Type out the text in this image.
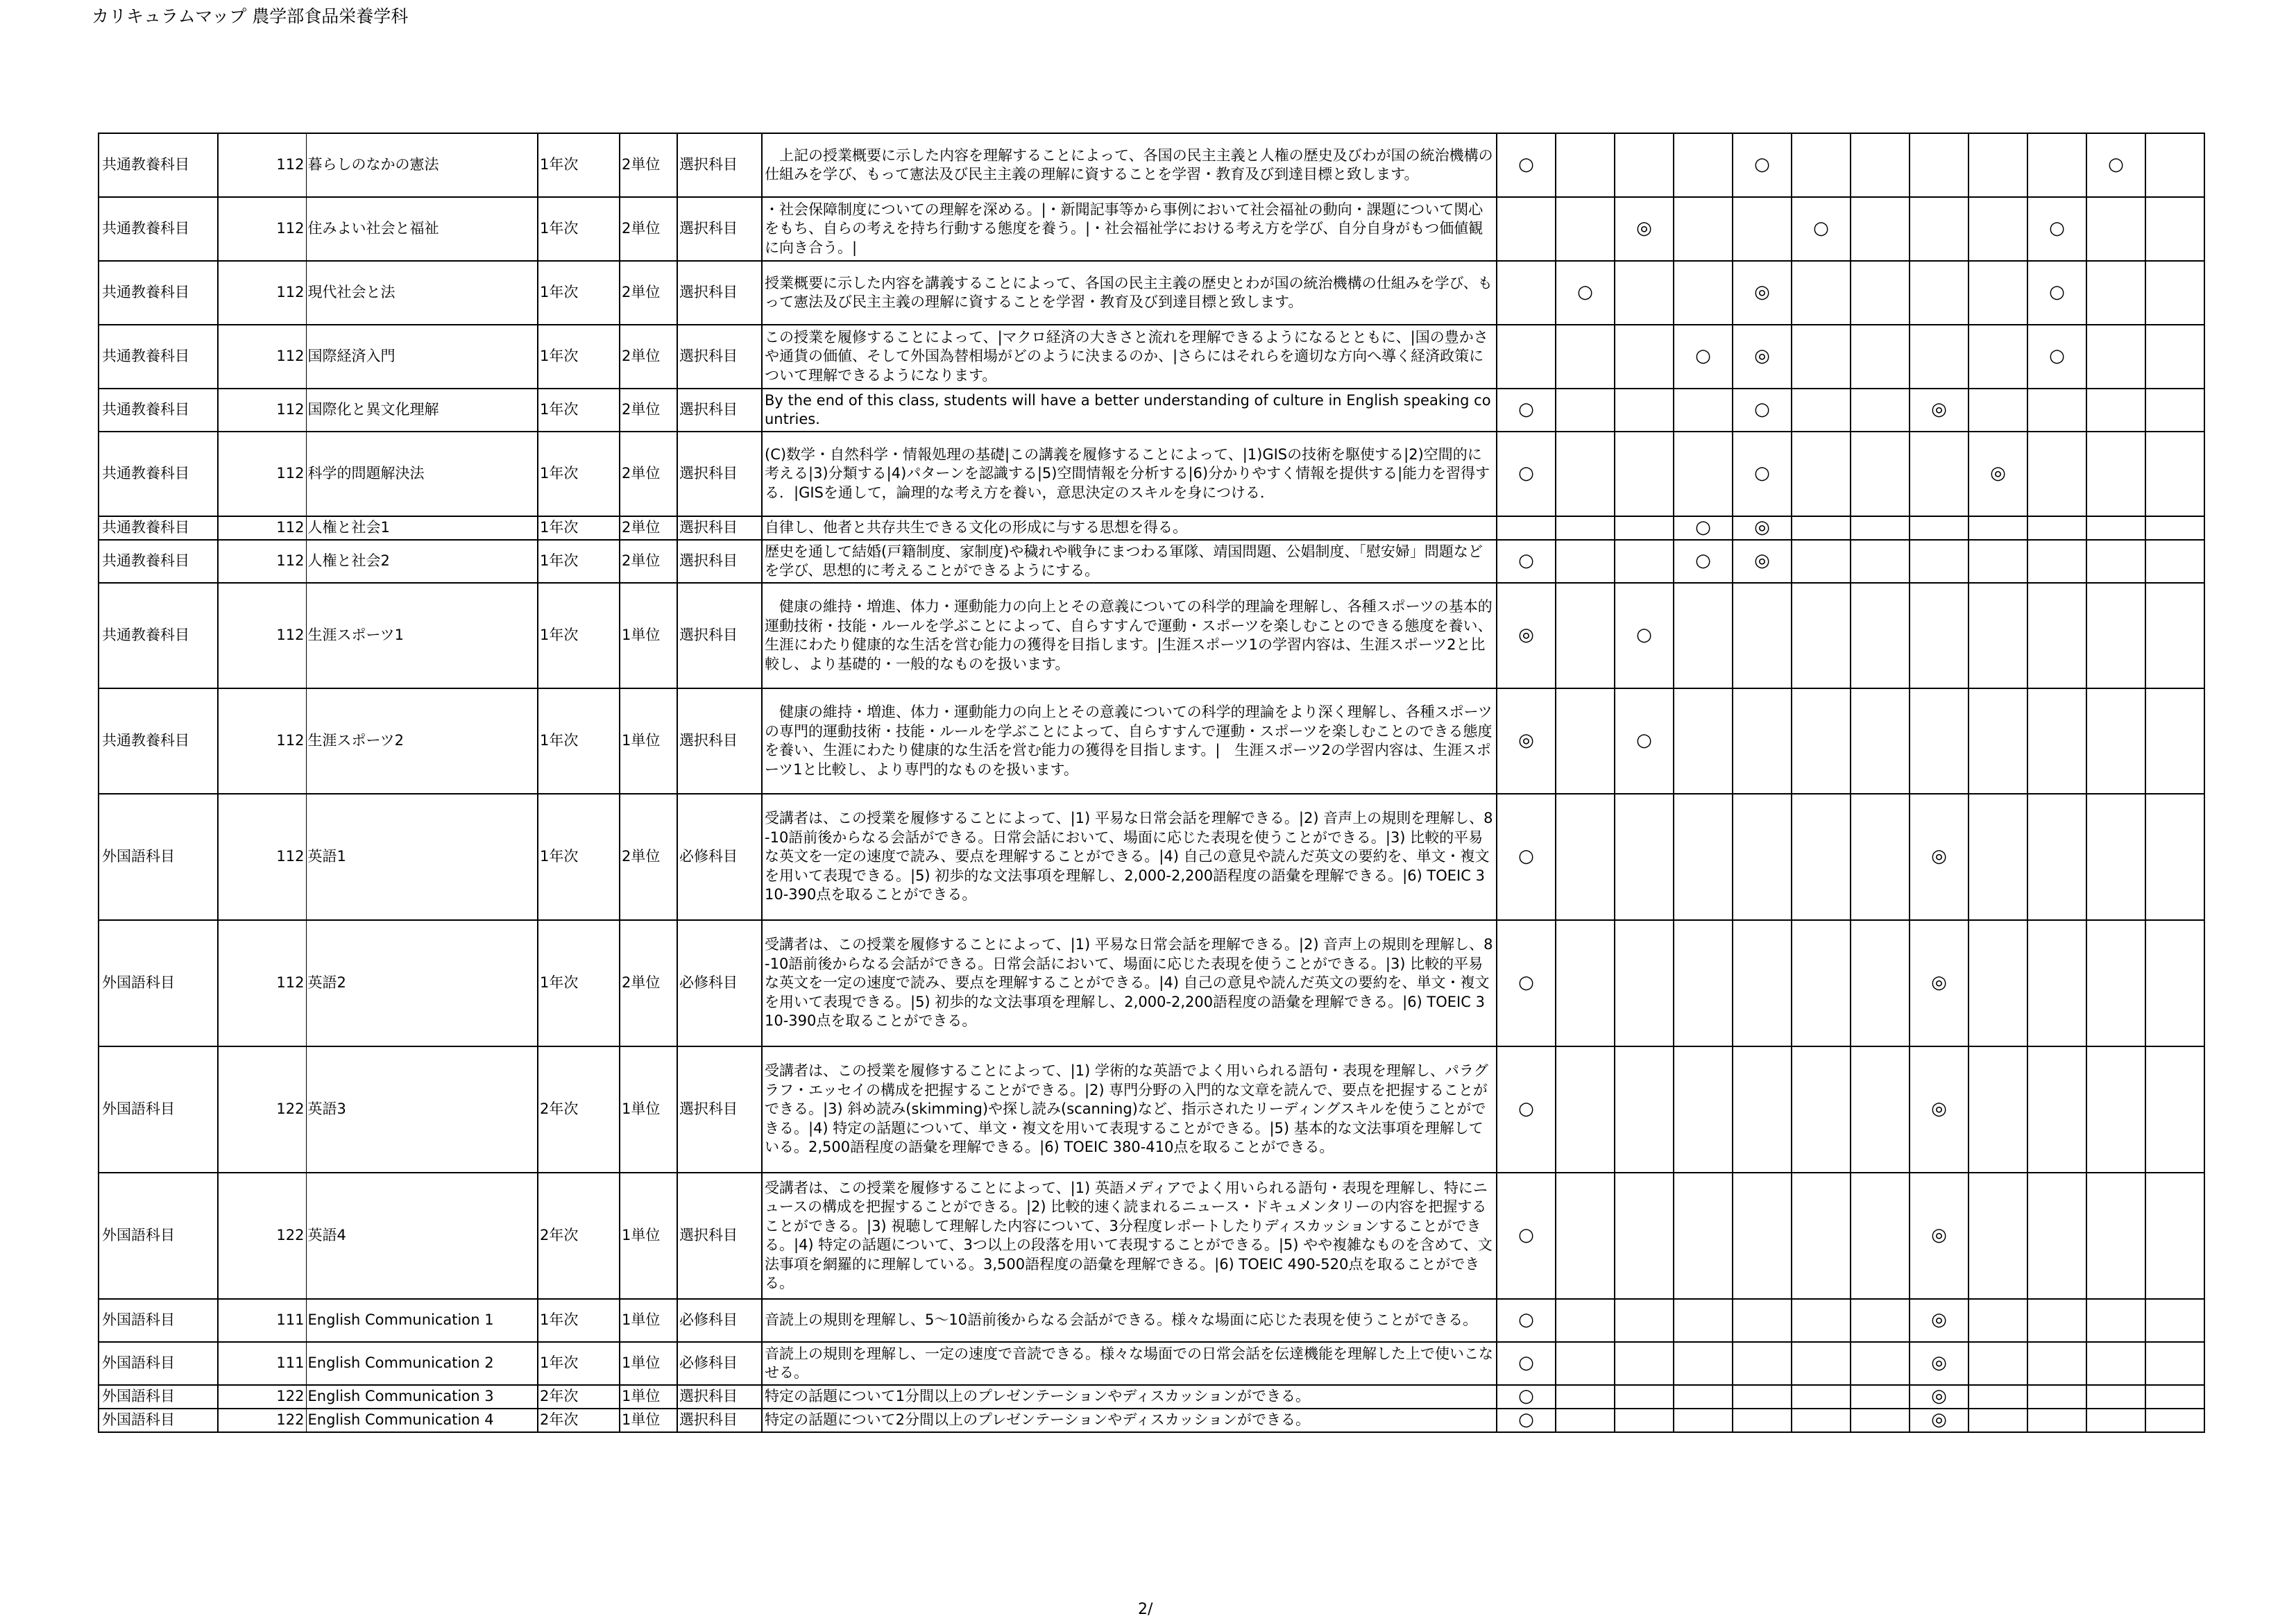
カリキュラムマップ 農学部食品栄養学科
共通教養科目	112	暮らしのなかの憲法	1年次	2単位	選択科目	　上記の授業概要に示した内容を理解することによって、各国の民主主義と人権の歴史及びわが国の統治機構の仕組みを学び、もって憲法及び民主主義の理解に資することを学習・教育及び到達目標と致します。	○				○						○	
共通教養科目	112	住みよい社会と福祉	1年次	2単位	選択科目	・社会保障制度についての理解を深める。|・新聞記事等から事例において社会福祉の動向・課題について関心をもち、自らの考えを持ち行動する態度を養う。|・社会福祉学における考え方を学び、自分自身がもつ価値観に向き合う。|			◎			○				○		
共通教養科目	112	現代社会と法	1年次	2単位	選択科目	授業概要に示した内容を講義することによって、各国の民主主義の歴史とわが国の統治機構の仕組みを学び、もって憲法及び民主主義の理解に資することを学習・教育及び到達目標と致します。		○			◎					○		
共通教養科目	112	国際経済入門	1年次	2単位	選択科目	この授業を履修することによって、|マクロ経済の大きさと流れを理解できるようになるとともに、|国の豊かさや通貨の価値、そして外国為替相場がどのように決まるのか、|さらにはそれらを適切な方向へ導く経済政策について理解できるようになります。				○	◎					○		
共通教養科目	112	国際化と異文化理解	1年次	2単位	選択科目	By the end of this class, students will have a better understanding of culture in English speaking countries.	○				○			◎				
共通教養科目	112	科学的問題解決法	1年次	2単位	選択科目	(C)数学・自然科学・情報処理の基礎|この講義を履修することによって、|1)GISの技術を駆使する|2)空間的に考える|3)分類する|4)パターンを認識する|5)空間情報を分析する|6)分かりやすく情報を提供する|能力を習得する．|GISを通して，論理的な考え方を養い，意思決定のスキルを身につける．	○				○				◎			
共通教養科目	112	人権と社会1	1年次	2単位	選択科目	自律し、他者と共存共生できる文化の形成に与する思想を得る。				○	◎							
共通教養科目	112	人権と社会2	1年次	2単位	選択科目	歴史を通して結婚(戸籍制度、家制度)や穢れや戦争にまつわる軍隊、靖国問題、公娼制度、「慰安婦」問題などを学び、思想的に考えることができるようにする。	○			○	◎							
共通教養科目	112	生涯スポーツ1	1年次	1単位	選択科目	　健康の維持・増進、体力・運動能力の向上とその意義についての科学的理論を理解し、各種スポーツの基本的運動技術・技能・ルールを学ぶことによって、自らすすんで運動・スポーツを楽しむことのできる態度を養い、生涯にわたり健康的な生活を営む能力の獲得を目指します。|生涯スポーツ1の学習内容は、生涯スポーツ2と比較し、より基礎的・一般的なものを扱います。	◎		○									
共通教養科目	112	生涯スポーツ2	1年次	1単位	選択科目	　健康の維持・増進、体力・運動能力の向上とその意義についての科学的理論をより深く理解し、各種スポーツの専門的運動技術・技能・ルールを学ぶことによって、自らすすんで運動・スポーツを楽しむことのできる態度を養い、生涯にわたり健康的な生活を営む能力の獲得を目指します。|　生涯スポーツ2の学習内容は、生涯スポーツ1と比較し、より専門的なものを扱います。	◎		○									
外国語科目	112	英語1	1年次	2単位	必修科目	受講者は、この授業を履修することによって、|1) 平易な日常会話を理解できる。|2) 音声上の規則を理解し、8-10語前後からなる会話ができる。日常会話において、場面に応じた表現を使うことができる。|3) 比較的平易な英文を一定の速度で読み、要点を理解することができる。|4) 自己の意見や読んだ英文の要約を、単文・複文を用いて表現できる。|5) 初歩的な文法事項を理解し、2,000-2,200語程度の語彙を理解できる。|6) TOEIC 310-390点を取ることができる。	○							◎				
外国語科目	112	英語2	1年次	2単位	必修科目	受講者は、この授業を履修することによって、|1) 平易な日常会話を理解できる。|2) 音声上の規則を理解し、8-10語前後からなる会話ができる。日常会話において、場面に応じた表現を使うことができる。|3) 比較的平易な英文を一定の速度で読み、要点を理解することができる。|4) 自己の意見や読んだ英文の要約を、単文・複文を用いて表現できる。|5) 初歩的な文法事項を理解し、2,000-2,200語程度の語彙を理解できる。|6) TOEIC 310-390点を取ることができる。	○							◎				
外国語科目	122	英語3	2年次	1単位	選択科目	受講者は、この授業を履修することによって、|1) 学術的な英語でよく用いられる語句・表現を理解し、パラグラフ・エッセイの構成を把握することができる。|2) 専門分野の入門的な文章を読んで、要点を把握することができる。|3) 斜め読み(skimming)や探し読み(scanning)など、指示されたリーディングスキルを使うことができる。|4) 特定の話題について、単文・複文を用いて表現することができる。|5) 基本的な文法事項を理解している。2,500語程度の語彙を理解できる。|6) TOEIC 380-410点を取ることができる。	○							◎				
外国語科目	122	英語4	2年次	1単位	選択科目	受講者は、この授業を履修することによって、|1) 英語メディアでよく用いられる語句・表現を理解し、特にニュースの構成を把握することができる。|2) 比較的速く読まれるニュース・ドキュメンタリーの内容を把握することができる。|3) 視聴して理解した内容について、3分程度レポートしたりディスカッションすることができる。|4) 特定の話題について、3つ以上の段落を用いて表現することができる。|5) やや複雑なものを含めて、文法事項を網羅的に理解している。3,500語程度の語彙を理解できる。|6) TOEIC 490-520点を取ることができる。	○							◎				
外国語科目	111	English Communication 1	1年次	1単位	必修科目	音読上の規則を理解し、5～10語前後からなる会話ができる。様々な場面に応じた表現を使うことができる。	○							◎				
外国語科目	111	English Communication 2	1年次	1単位	必修科目	音読上の規則を理解し、一定の速度で音読できる。様々な場面での日常会話を伝達機能を理解した上で使いこなせる。	○							◎				
外国語科目	122	English Communication 3	2年次	1単位	選択科目	特定の話題について1分間以上のプレゼンテーションやディスカッションができる。	○							◎				
外国語科目	122	English Communication 4	2年次	1単位	選択科目	特定の話題について2分間以上のプレゼンテーションやディスカッションができる。	○							◎				
2/
